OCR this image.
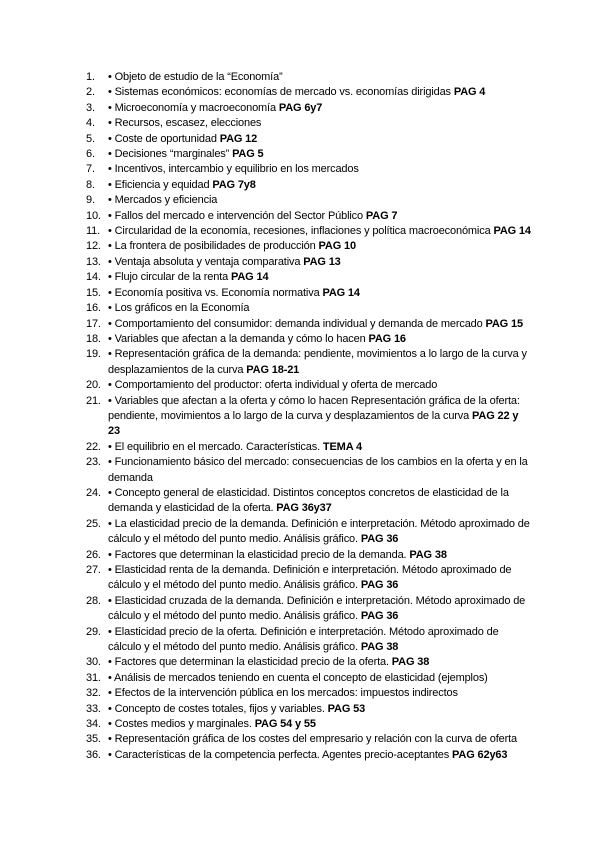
1.	• Objeto de estudio de la “Economía”
2.	• Sistemas económicos: economías de mercado vs. economías dirigidas PAG 4
3.	• Microeconomía y macroeconomía PAG 6y7
4.	• Recursos, escasez, elecciones
5.	• Coste de oportunidad PAG 12
6.	• Decisiones “marginales” PAG 5
7.	• Incentivos, intercambio y equilibrio en los mercados
8.	• Eficiencia y equidad PAG 7y8
9.	• Mercados y eficiencia
10. • Fallos del mercado e intervención del Sector Público PAG 7
11. • Circularidad de la economía, recesiones, inflaciones y política macroeconómica PAG 14
12. • La frontera de posibilidades de producción PAG 10
13. • Ventaja absoluta y ventaja comparativa PAG 13
14. • Flujo circular de la renta PAG 14
15. • Economía positiva vs. Economía normativa PAG 14
16. • Los gráficos en la Economía
17. • Comportamiento del consumidor: demanda individual y demanda de mercado PAG 15
18. • Variables que afectan a la demanda y cómo lo hacen PAG 16
19. • Representación gráfica de la demanda: pendiente, movimientos a lo largo de la curva y desplazamientos de la curva PAG 18-21
20. • Comportamiento del productor: oferta individual y oferta de mercado
21. • Variables que afectan a la oferta y cómo lo hacen Representación gráfica de la oferta: pendiente, movimientos a lo largo de la curva y desplazamientos de la curva PAG 22 y 23
22. • El equilibrio en el mercado. Características. TEMA 4
23. • Funcionamiento básico del mercado: consecuencias de los cambios en la oferta y en la demanda
24. • Concepto general de elasticidad. Distintos conceptos concretos de elasticidad de la demanda y elasticidad de la oferta. PAG 36y37
25. • La elasticidad precio de la demanda. Definición e interpretación. Método aproximado de cálculo y el método del punto medio. Análisis gráfico. PAG 36
26. • Factores que determinan la elasticidad precio de la demanda. PAG 38
27. • Elasticidad renta de la demanda. Definición e interpretación. Método aproximado de cálculo y el método del punto medio. Análisis gráfico. PAG 36
28. • Elasticidad cruzada de la demanda. Definición e interpretación. Método aproximado de cálculo y el método del punto medio. Análisis gráfico. PAG 36
29. • Elasticidad precio de la oferta. Definición e interpretación. Método aproximado de cálculo y el método del punto medio. Análisis gráfico. PAG 38
30. • Factores que determinan la elasticidad precio de la oferta. PAG 38
31. • Análisis de mercados teniendo en cuenta el concepto de elasticidad (ejemplos)
32. • Efectos de la intervención pública en los mercados: impuestos indirectos
33. • Concepto de costes totales, fijos y variables. PAG 53
34. • Costes medios y marginales. PAG 54 y 55
35. • Representación gráfica de los costes del empresario y relación con la curva de oferta
36. • Características de la competencia perfecta. Agentes precio-aceptantes PAG 62y63
